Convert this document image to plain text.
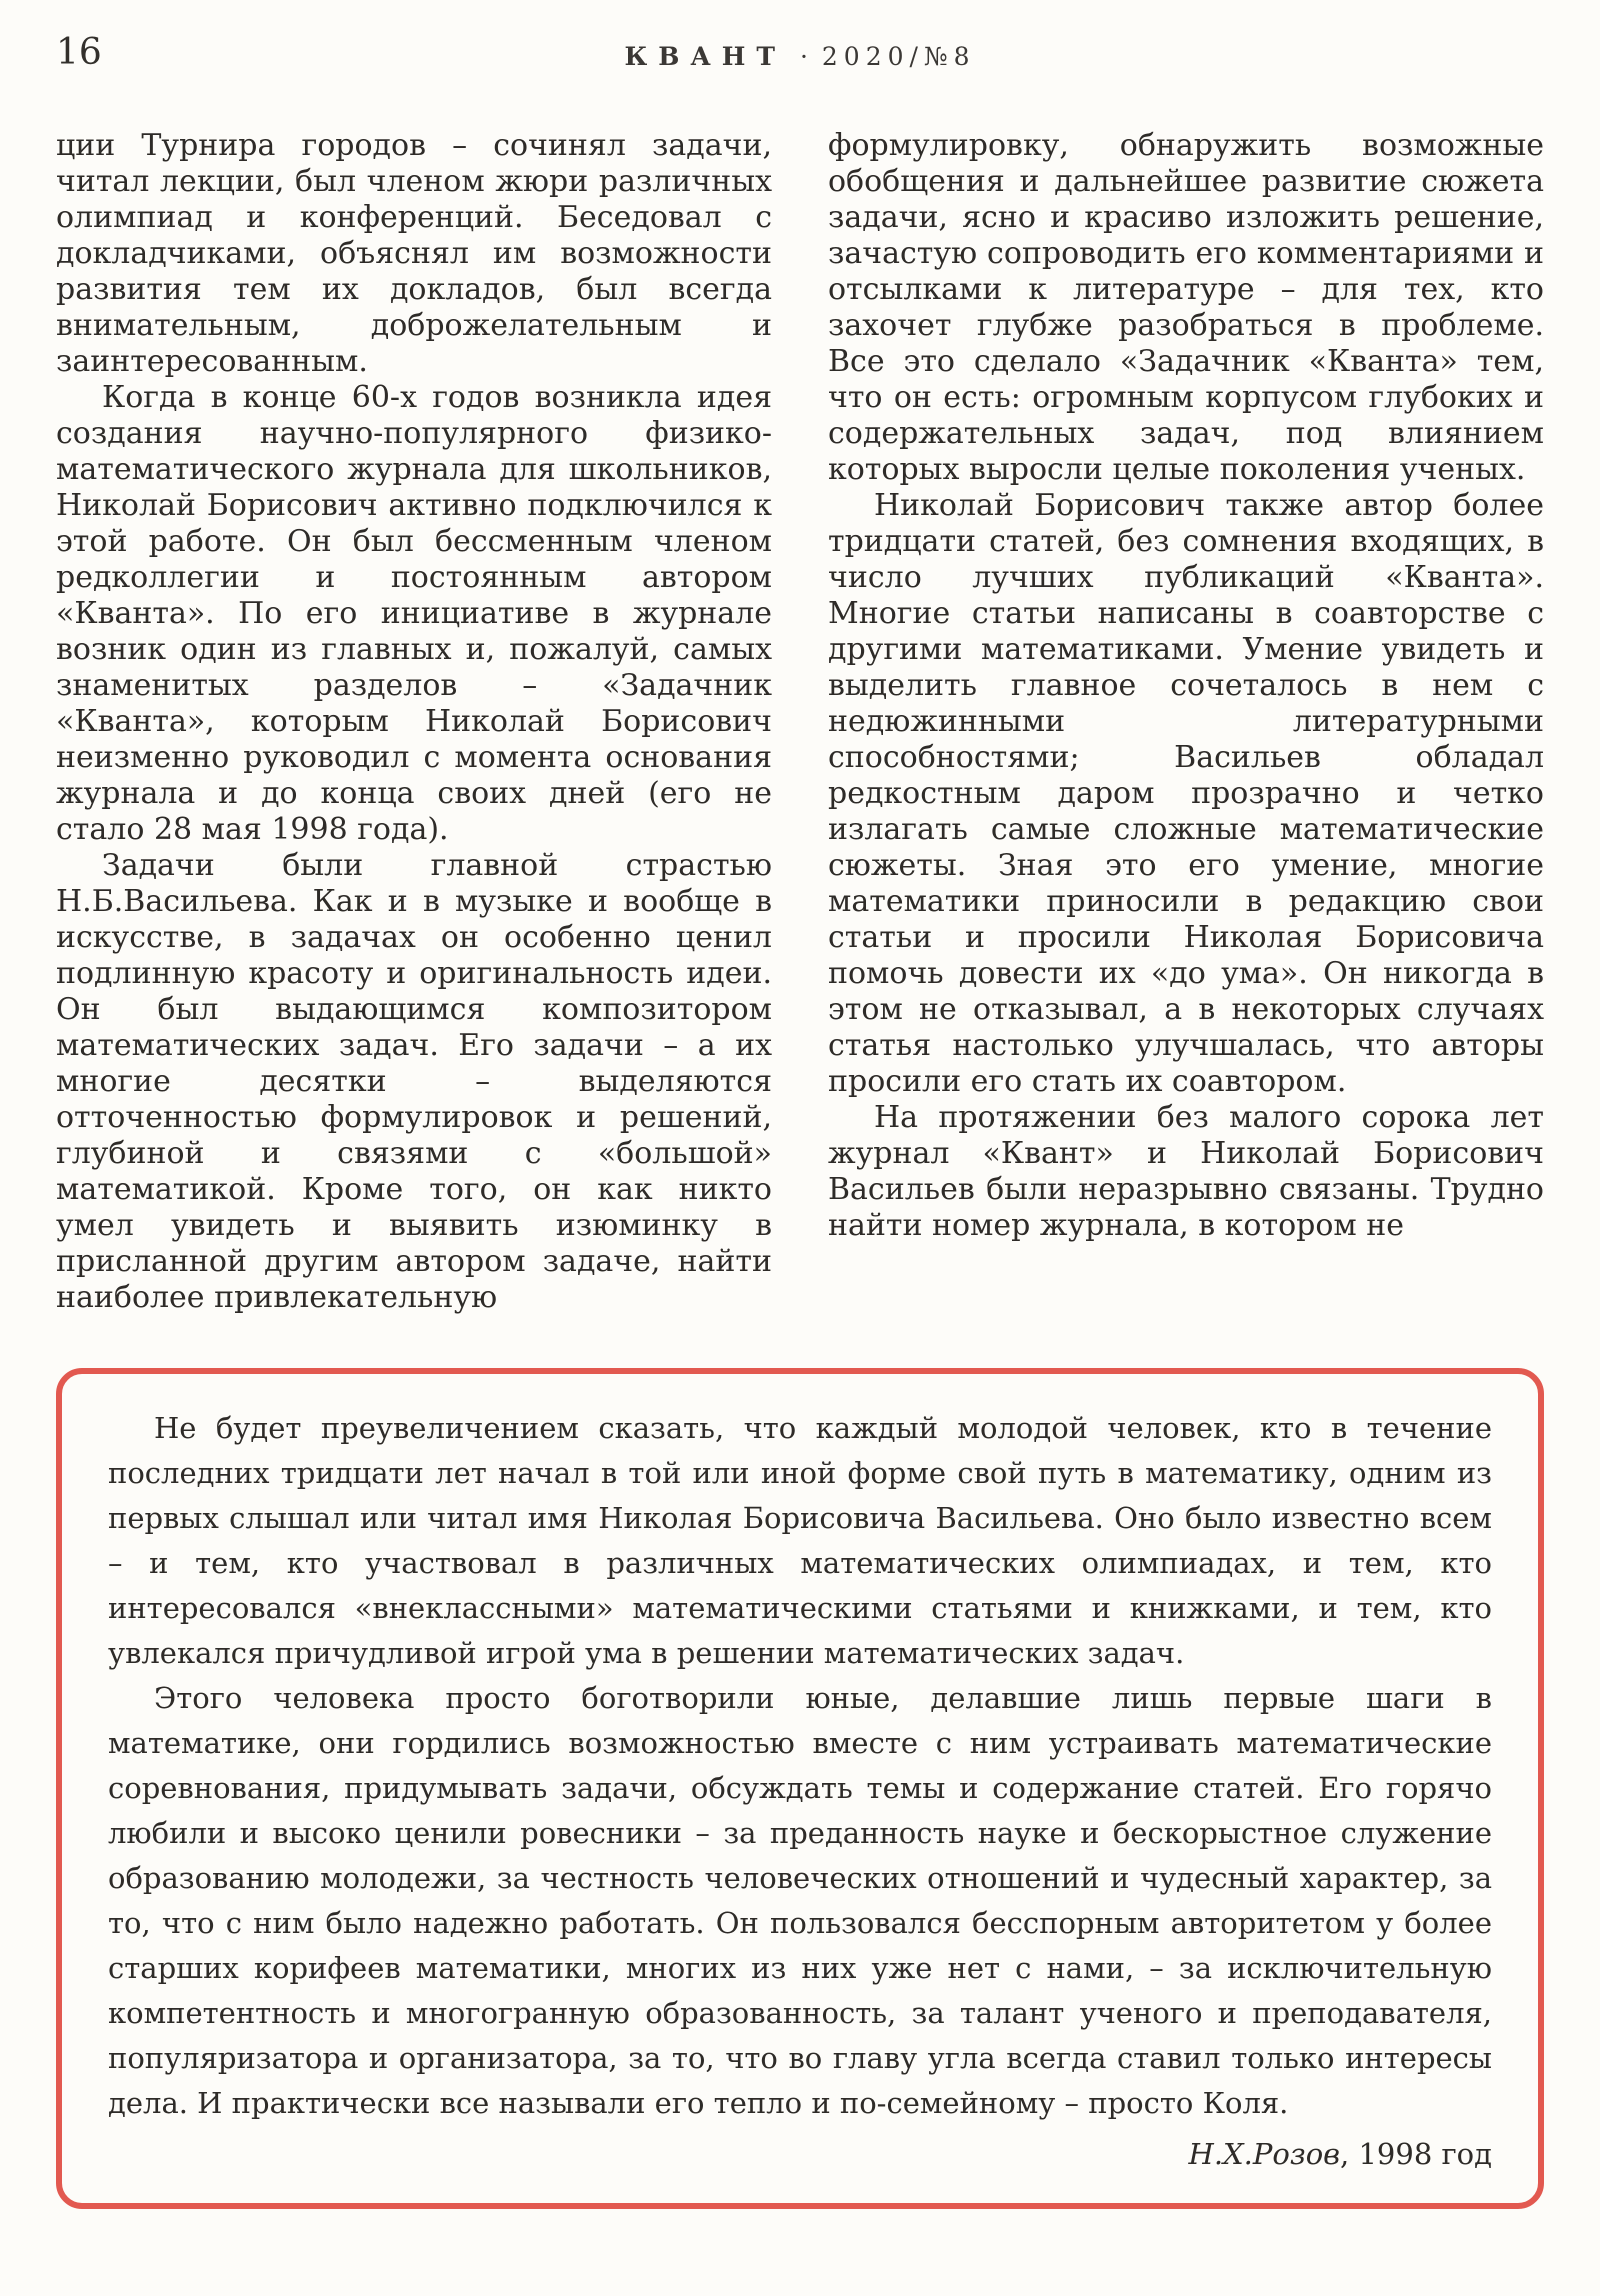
16	КВАНТ · 2020/№8

ции Турнира городов – сочинял задачи, читал лекции, был членом жюри различных олимпиад и конференций. Беседовал с докладчиками, объяснял им возможности развития тем их докладов, был всегда внимательным, доброжелательным и заинтересованным.

Когда в конце 60-х годов возникла идея создания научно-популярного физико-математического журнала для школьников, Николай Борисович активно подключился к этой работе. Он был бессменным членом редколлегии и постоянным автором «Кванта». По его инициативе в журнале возник один из главных и, пожалуй, самых знаменитых разделов – «Задачник «Кванта», которым Николай Борисович неизменно руководил с момента основания журнала и до конца своих дней (его не стало 28 мая 1998 года).

Задачи были главной страстью Н.Б.Васильева. Как и в музыке и вообще в искусстве, в задачах он особенно ценил подлинную красоту и оригинальность идеи. Он был выдающимся композитором математических задач. Его задачи – а их многие десятки – выделяются отточенностью формулировок и решений, глубиной и связями с «большой» математикой. Кроме того, он как никто умел увидеть и выявить изюминку в присланной другим автором задаче, найти наиболее привлекательную

формулировку, обнаружить возможные обобщения и дальнейшее развитие сюжета задачи, ясно и красиво изложить решение, зачастую сопроводить его комментариями и отсылками к литературе – для тех, кто захочет глубже разобраться в проблеме. Все это сделало «Задачник «Кванта» тем, что он есть: огромным корпусом глубоких и содержательных задач, под влиянием которых выросли целые поколения ученых.

Николай Борисович также автор более тридцати статей, без сомнения входящих, в число лучших публикаций «Кванта». Многие статьи написаны в соавторстве с другими математиками. Умение увидеть и выделить главное сочеталось в нем с недюжинными литературными способностями; Васильев обладал редкостным даром прозрачно и четко излагать самые сложные математические сюжеты. Зная это его умение, многие математики приносили в редакцию свои статьи и просили Николая Борисовича помочь довести их «до ума». Он никогда в этом не отказывал, а в некоторых случаях статья настолько улучшалась, что авторы просили его стать их соавтором.

На протяжении без малого сорока лет журнал «Квант» и Николай Борисович Васильев были неразрывно связаны. Трудно найти номер журнала, в котором не

Не будет преувеличением сказать, что каждый молодой человек, кто в течение последних тридцати лет начал в той или иной форме свой путь в математику, одним из первых слышал или читал имя Николая Борисовича Васильева. Оно было известно всем – и тем, кто участвовал в различных математических олимпиадах, и тем, кто интересовался «внеклассными» математическими статьями и книжками, и тем, кто увлекался причудливой игрой ума в решении математических задач.

Этого человека просто боготворили юные, делавшие лишь первые шаги в математике, они гордились возможностью вместе с ним устраивать математические соревнования, придумывать задачи, обсуждать темы и содержание статей. Его горячо любили и высоко ценили ровесники – за преданность науке и бескорыстное служение образованию молодежи, за честность человеческих отношений и чудесный характер, за то, что с ним было надежно работать. Он пользовался бесспорным авторитетом у более старших корифеев математики, многих из них уже нет с нами, – за исключительную компетентность и многогранную образованность, за талант ученого и преподавателя, популяризатора и организатора, за то, что во главу угла всегда ставил только интересы дела. И практически все называли его тепло и по-семейному – просто Коля.

Н.Х.Розов, 1998 год
